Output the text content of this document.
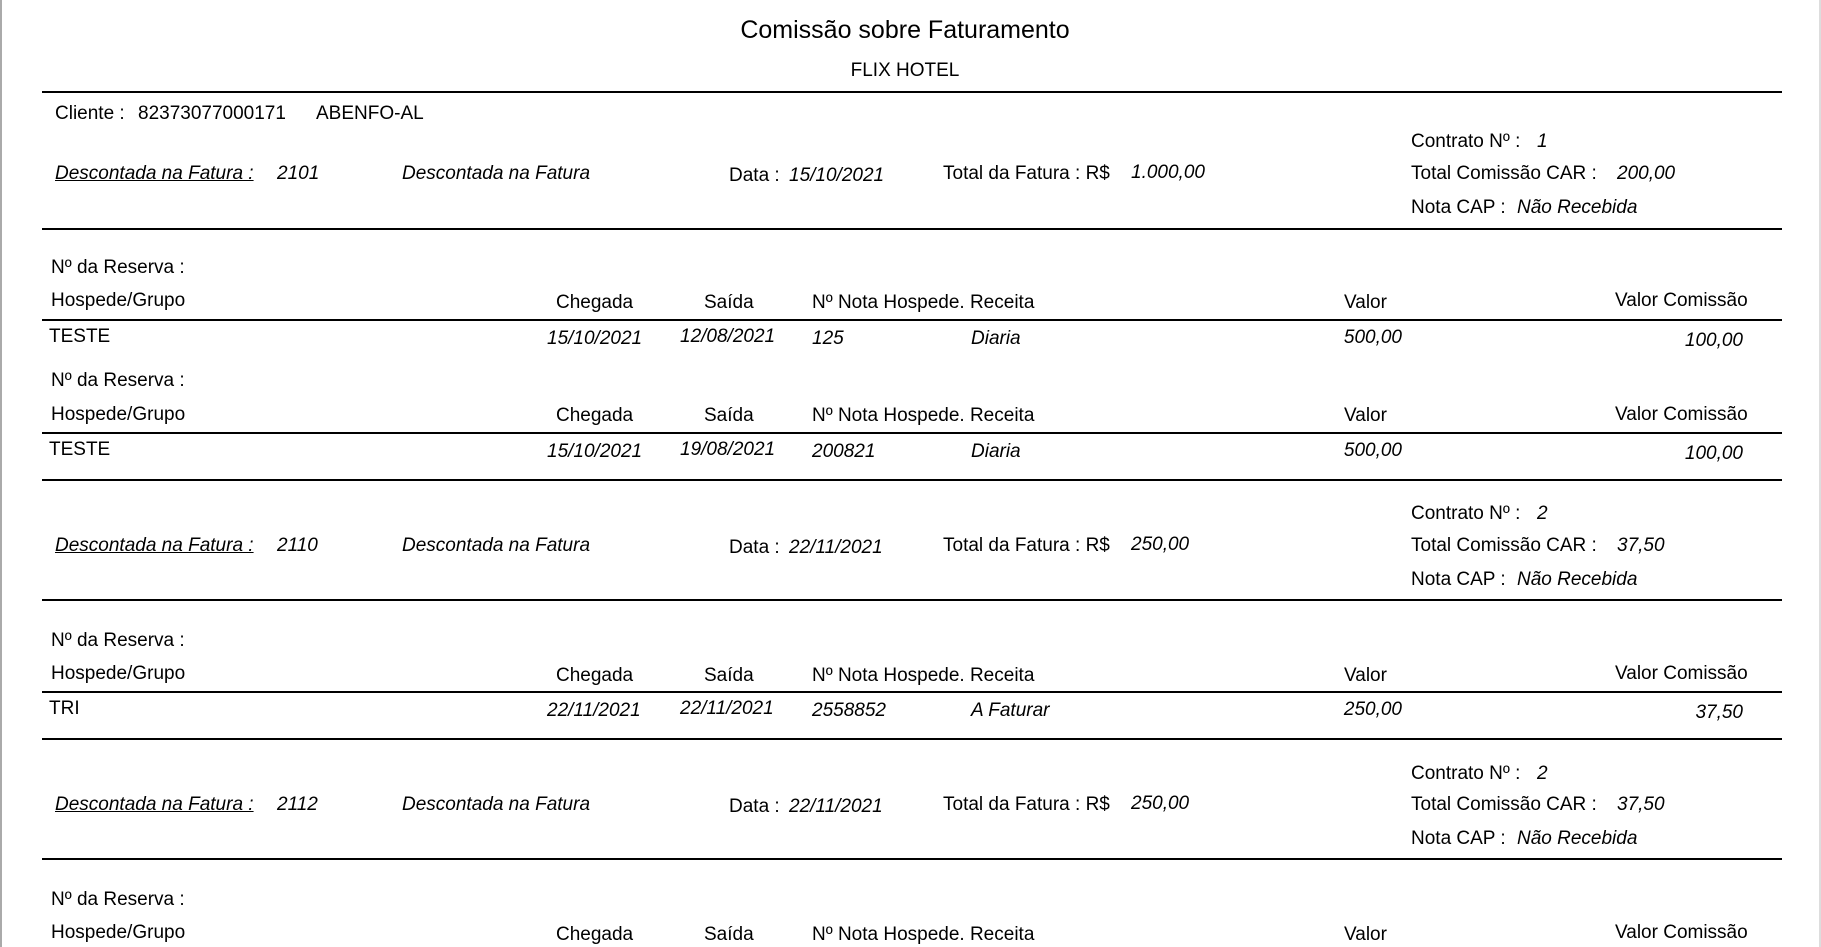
Comissão sobre Faturamento
FLIX HOTEL
Cliente : 82373077000171 ABENFO-AL
Contrato Nº : 1
Descontada na Fatura : 2101	Descontada na Fatura	Data : 15/10/2021	Total da Fatura : R$ 1.000,00	Total Comissão CAR : 200,00
Nota CAP : Não Recebida
Nº da Reserva :
Hospede/Grupo	Chegada	Saída	Nº Nota Hospede. Receita	Valor	Valor Comissão
TESTE	15/10/2021 12/08/2021 125	Diaria	500,00	100,00
Nº da Reserva :
Hospede/Grupo	Chegada	Saída	Nº Nota Hospede. Receita	Valor	Valor Comissão
TESTE	15/10/2021 19/08/2021 200821	Diaria	500,00	100,00
Contrato Nº : 2
Descontada na Fatura : 2110	Descontada na Fatura	Data : 22/11/2021	Total da Fatura : R$ 250,00	Total Comissão CAR : 37,50
Nota CAP : Não Recebida
Nº da Reserva :
Hospede/Grupo	Chegada	Saída	Nº Nota Hospede. Receita	Valor	Valor Comissão
TRI	22/11/2021 22/11/2021 2558852	A Faturar	250,00	37,50
Contrato Nº : 2
Descontada na Fatura : 2112	Descontada na Fatura	Data : 22/11/2021	Total da Fatura : R$ 250,00	Total Comissão CAR : 37,50
Nota CAP : Não Recebida
Nº da Reserva :
Hospede/Grupo	Chegada	Saída	Nº Nota Hospede. Receita	Valor	Valor Comissão
